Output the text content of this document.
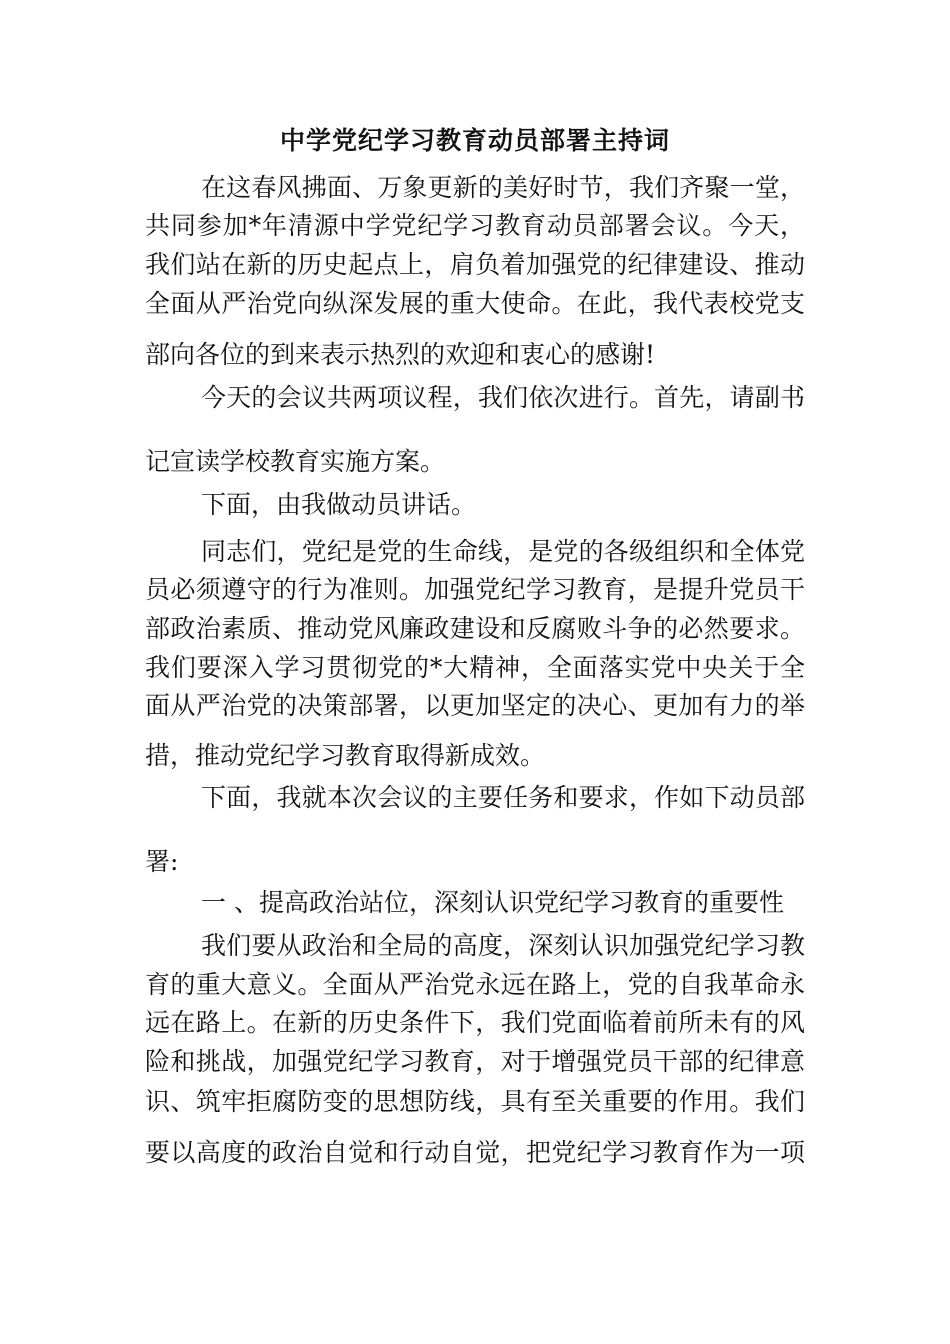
中学党纪学习教育动员部署主持词
在这春风拂面、万象更新的美好时节，我们齐聚一堂，
共同参加*年清源中学党纪学习教育动员部署会议。今天，
我们站在新的历史起点上，肩负着加强党的纪律建设、推动
全面从严治党向纵深发展的重大使命。在此，我代表校党支
部向各位的到来表示热烈的欢迎和衷心的感谢!
今天的会议共两项议程，我们依次进行。首先，请副书
记宣读学校教育实施方案。
下面，由我做动员讲话。
同志们，党纪是党的生命线，是党的各级组织和全体党
员必须遵守的行为准则。加强党纪学习教育，是提升党员干
部政治素质、推动党风廉政建设和反腐败斗争的必然要求。
我们要深入学习贯彻党的*大精神，全面落实党中央关于全
面从严治党的决策部署，以更加坚定的决心、更加有力的举
措，推动党纪学习教育取得新成效。
下面，我就本次会议的主要任务和要求，作如下动员部
署:
一 、提高政治站位，深刻认识党纪学习教育的重要性
我们要从政治和全局的高度，深刻认识加强党纪学习教
育的重大意义。全面从严治党永远在路上，党的自我革命永
远在路上。在新的历史条件下，我们党面临着前所未有的风
险和挑战，加强党纪学习教育，对于增强党员干部的纪律意
识、筑牢拒腐防变的思想防线，具有至关重要的作用。我们
要以高度的政治自觉和行动自觉，把党纪学习教育作为一项
